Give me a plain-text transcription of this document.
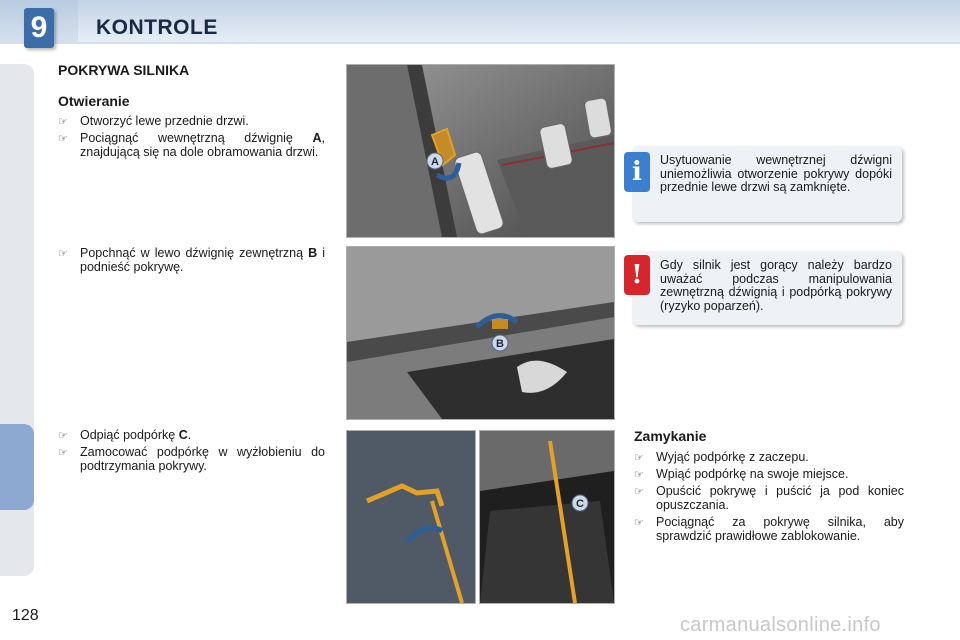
9	KONTROLE
POKRYWA SILNIKA
Otwieranie
☞ Otworzyć lewe przednie drzwi.
☞ Pociągnąć wewnętrzną dźwignię A, znajdującą się na dole obramowania drzwi.
☞ Popchnąć w lewo dźwignię zewnętrzną B i podnieść pokrywę.
☞ Odpiąć podpórkę C.
☞ Zamocować podpórkę w wyżłobieniu do podtrzymania pokrywy.
A
B
C
Usytuowanie wewnętrznej dźwigni uniemożliwia otworzenie pokrywy dopóki przednie lewe drzwi są zamknięte.
i
Gdy silnik jest gorący należy bardzo uważać podczas manipulowania zewnętrzną dźwignią i podpórką pokrywy (ryzyko poparzeń).
!
Zamykanie
☞ Wyjąć podpórkę z zaczepu.
☞ Wpiąć podpórkę na swoje miejsce.
☞ Opuścić pokrywę i puścić ja pod koniec opuszczania.
☞ Pociągnąć za pokrywę silnika, aby sprawdzić prawidłowe zablokowanie.
128	carmanualsonline.info
